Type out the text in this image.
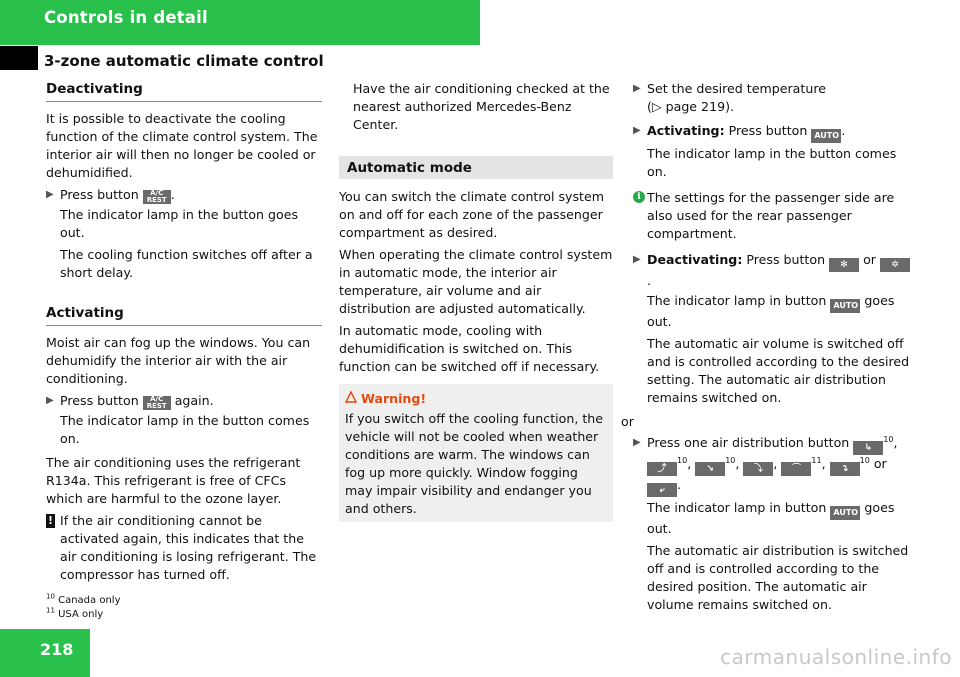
Controls in detail
3-zone automatic climate control
Deactivating

It is possible to deactivate the cooling function of the climate control system. The interior air will then no longer be cooled or dehumidified.

▶ Press button A/C
REST .
The indicator lamp in the button goes out.
The cooling function switches off after a short delay.
Activating

Moist air can fog up the windows. You can dehumidify the interior air with the air conditioning.

▶ Press button A/C
REST again.
The indicator lamp in the button comes on.

The air conditioning uses the refrigerant R134a. This refrigerant is free of CFCs which are harmful to the ozone layer.

! If the air conditioning cannot be activated again, this indicates that the air conditioning is losing refrigerant. The compressor has turned off.
Have the air conditioning checked at the nearest authorized Mercedes-Benz Center.
Automatic mode

You can switch the climate control system on and off for each zone of the passenger compartment as desired.

When operating the climate control system in automatic mode, the interior air temperature, air volume and air distribution are adjusted automatically.

In automatic mode, cooling with dehumidification is switched on. This function can be switched off if necessary.

Warning!
If you switch off the cooling function, the vehicle will not be cooled when weather conditions are warm. The windows can fog up more quickly. Window fogging may impair visibility and endanger you and others.
▶ Set the desired temperature
(▷ page 219).
▶ Activating: Press button AUTO .
The indicator lamp in the button comes on.
i The settings for the passenger side are also used for the rear passenger compartment.
▶ Deactivating: Press button ✻ or ✲.
The indicator lamp in button AUTO goes out.
The automatic air volume is switched off and is controlled according to the desired setting. The automatic air distribution remains switched on.
or
▶ Press one air distribution button ↳$^{10}$, ⤴$^{10}$, ↘$^{10}$, ⤵ , ⌒$^{11}$, ↴$^{10}$ or ⤶ .
The indicator lamp in button AUTO goes out.
The automatic air distribution is switched off and is controlled according to the desired position. The automatic air volume remains switched on.
$^{10}$ Canada only
$^{11}$ USA only
218	carmanualsonline.info
